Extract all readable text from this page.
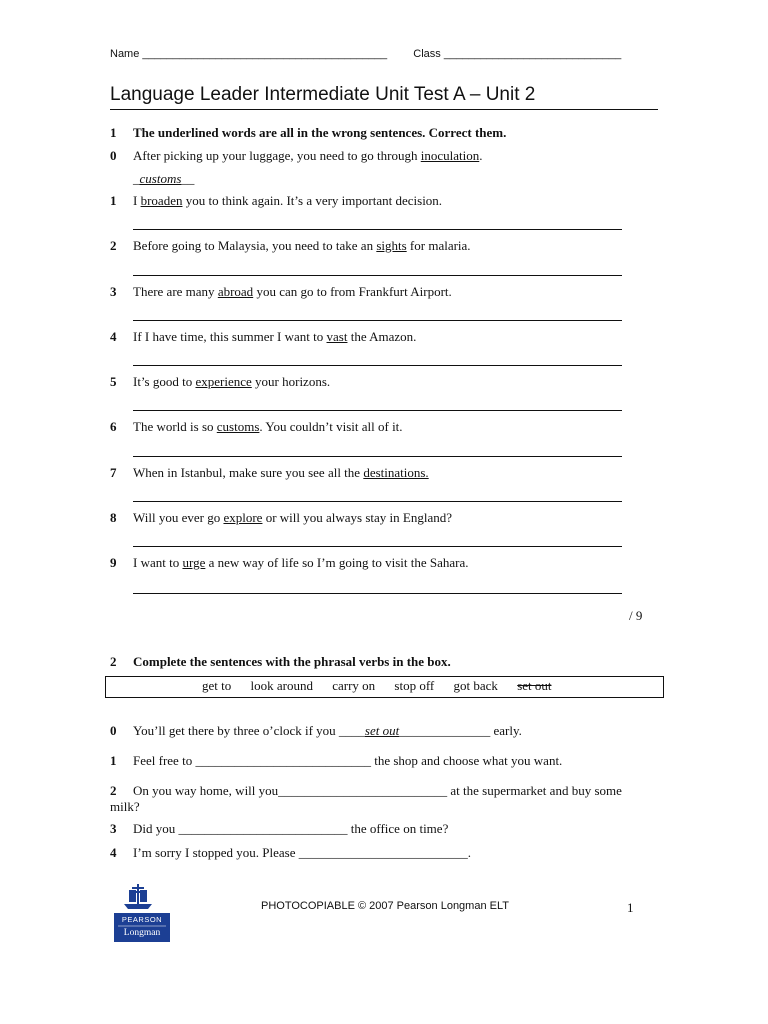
Name ________________________________________ Class _____________________________
Language Leader Intermediate Unit Test A – Unit 2
1 The underlined words are all in the wrong sentences. Correct them.
0 After picking up your luggage, you need to go through inoculation.
_customs__
1 I broaden you to think again. It’s a very important decision.
2 Before going to Malaysia, you need to take an sights for malaria.
3 There are many abroad you can go to from Frankfurt Airport.
4 If I have time, this summer I want to vast the Amazon.
5 It’s good to experience your horizons.
6 The world is so customs. You couldn’t visit all of it.
7 When in Istanbul, make sure you see all the destinations.
8 Will you ever go explore or will you always stay in England?
9 I want to urge a new way of life so I’m going to visit the Sahara.
/ 9
2 Complete the sentences with the phrasal verbs in the box.
get to look around carry on stop off got back set out
0 You’ll get there by three o’clock if you ____set out______________ early.
1 Feel free to ___________________________ the shop and choose what you want.
2 On you way home, will you__________________________ at the supermarket and buy some
milk?
3 Did you __________________________ the office on time?
4 I’m sorry I stopped you. Please __________________________.
PEARSON
Longman
PHOTOCOPIABLE © 2007 Pearson Longman ELT	1
